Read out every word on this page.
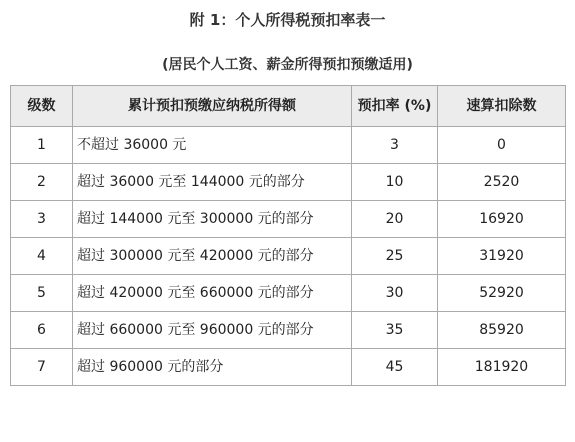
附 1：个人所得税预扣率表一
(居民个人工资、薪金所得预扣预缴适用)
级数	累计预扣预缴应纳税所得额	预扣率 (%)	速算扣除数
1	不超过 36000 元	3	0
2	超过 36000 元至 144000 元的部分	10	2520
3	超过 144000 元至 300000 元的部分	20	16920
4	超过 300000 元至 420000 元的部分	25	31920
5	超过 420000 元至 660000 元的部分	30	52920
6	超过 660000 元至 960000 元的部分	35	85920
7	超过 960000 元的部分	45	181920
